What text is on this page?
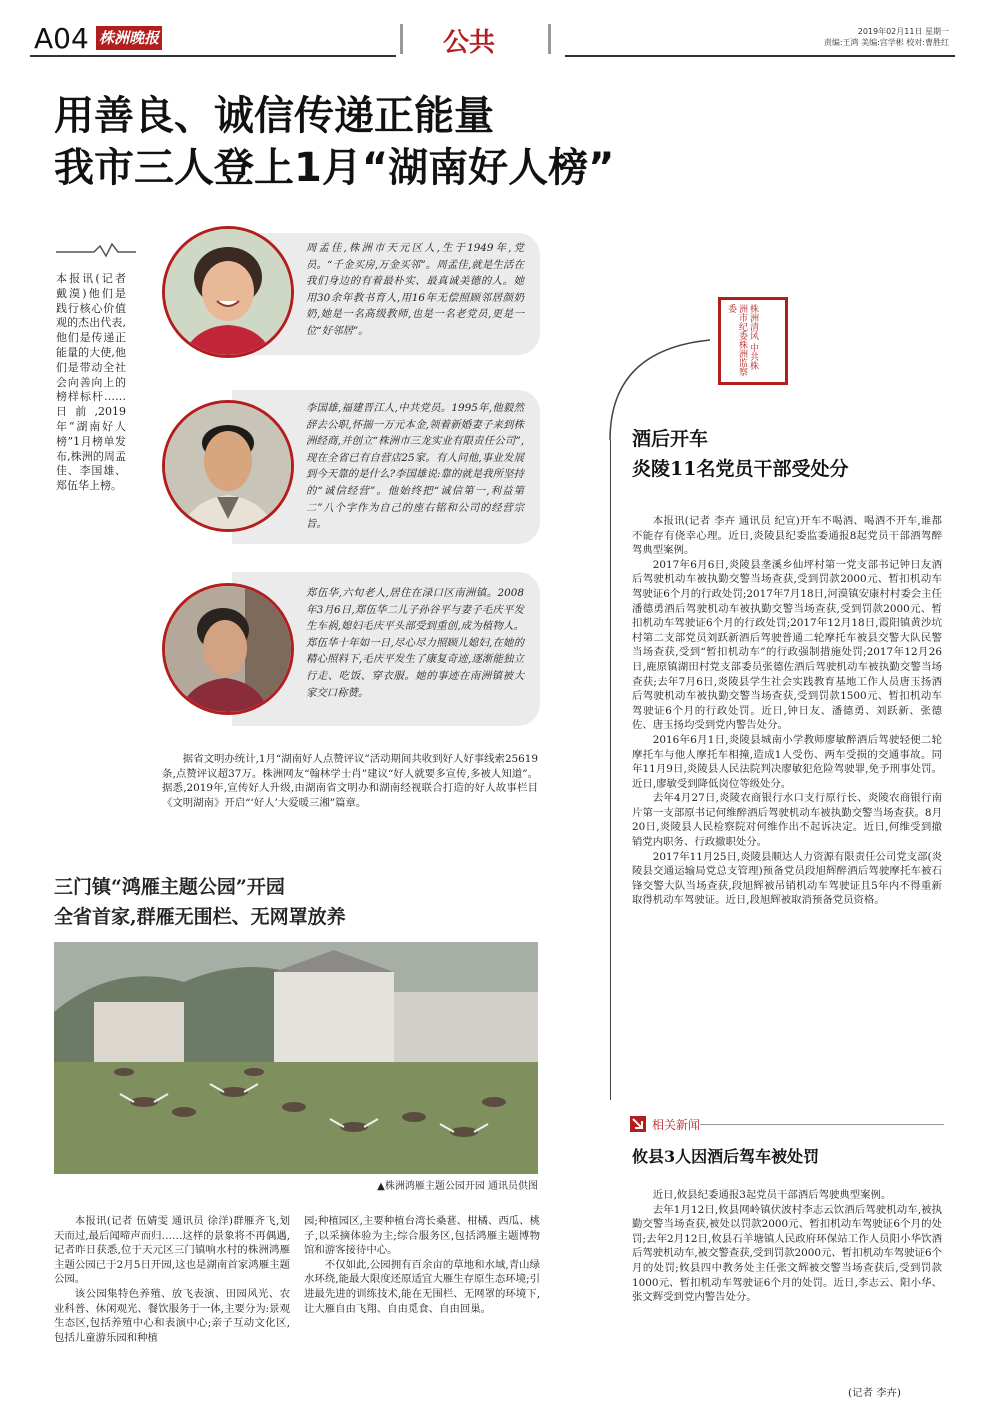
A04 株洲晚报	公共	2019年02月11日 星期一
责编:王鸿 美编:宫学彬 校对:曹胜红
用善良、诚信传递正能量
我市三人登上1月“湖南好人榜”
本报讯(记者 戴漠)他们是践行核心价值观的杰出代表,他们是传递正能量的大使,他们是带动全社会向善向上的榜样标杆……日前,2019年“湖南好人榜”1月榜单发布,株洲的周孟佳、李国雄、郑伍华上榜。
周孟佳,株洲市天元区人,生于1949年,党员。“千金买房,万金买邻”。周孟佳,就是生活在我们身边的有着最朴实、最真诚美德的人。她用30余年教书育人,用16年无偿照顾邻居颜奶奶,她是一名高级教师,也是一名老党员,更是一位“好邻居”。
李国雄,福建晋江人,中共党员。1995年,他毅然辞去公职,怀揣一万元本金,领着新婚妻子来到株洲经商,并创立“株洲市三龙实业有限责任公司”,现在全省已有自营店25家。有人问他,事业发展到今天靠的是什么?李国雄说:靠的就是我所坚持的“诚信经营”。他始终把“诚信第一,利益第二”八个字作为自己的座右铭和公司的经营宗旨。
郑伍华,六旬老人,居住在渌口区南洲镇。2008年3月6日,郑伍华二儿子孙谷平与妻子毛庆平发生车祸,媳妇毛庆平头部受到重创,成为植物人。郑伍华十年如一日,尽心尽力照顾儿媳妇,在她的精心照料下,毛庆平发生了康复奇迹,逐渐能独立行走、吃饭、穿衣服。她的事迹在南洲镇被大家交口称赞。

据省文明办统计,1月“湖南好人点赞评议”活动期间共收到好人好事线索25619条,点赞评议超37万。株洲网友“翰林学士肖”建议“好人就要多宣传,多被人知道”。据悉,2019年,宣传好人升级,由湖南省文明办和湖南经视联合打造的好人故事栏目《文明湖南》开启“‘好人’大爱暖三湘”篇章。

三门镇“鸿雁主题公园”开园
全省首家,群雁无围栏、无网罩放养
▲株洲鸿雁主题公园开园 通讯员供图

本报讯(记者 伍婧雯 通讯员 徐洋)群雁齐飞,划天而过,最后闻啼声而归……这样的景象将不再偶遇,记者昨日获悉,位于天元区三门镇响水村的株洲鸿雁主题公园已于2月5日开园,这也是湖南首家鸿雁主题公园。

该公园集特色养殖、放飞表演、田园风光、农业科普、休闲观光、餐饮服务于一体,主要分为:景观生态区,包括养殖中心和表演中心;亲子互动文化区,包括儿童游乐园和种植

园;种植园区,主要种植台湾长桑葚、柑橘、西瓜、桃子,以采摘体验为主;综合服务区,包括鸿雁主题博物馆和游客接待中心。

不仅如此,公园拥有百余亩的草地和水域,青山绿水环绕,能最大限度还原适宜大雁生存原生态环境;引进最先进的训练技术,能在无围栏、无网罩的环境下,让大雁自由飞翔、自由觅食、自由回巢。

株洲清风 中共株洲市纪委株洲监察委
酒后开车
炎陵11名党员干部受处分

本报讯(记者 李卉 通讯员 纪宣)开车不喝酒、喝酒不开车,谁都不能存有侥幸心理。近日,炎陵县纪委监委通报8起党员干部酒驾醉驾典型案例。

2017年6月6日,炎陵县垄溪乡仙坪村第一党支部书记钟日友酒后驾驶机动车被执勤交警当场查获,受到罚款2000元、暂扣机动车驾驶证6个月的行政处罚;2017年7月18日,河漠镇安康村村委会主任潘德勇酒后驾驶机动车被执勤交警当场查获,受到罚款2000元、暂扣机动车驾驶证6个月的行政处罚;2017年12月18日,霞阳镇黄沙坑村第二支部党员刘跃新酒后驾驶普通二轮摩托车被县交警大队民警当场查获,受到“暂扣机动车”的行政强制措施处罚;2017年12月26日,鹿原镇湖田村党支部委员张德佐酒后驾驶机动车被执勤交警当场查获;去年7月6日,炎陵县学生社会实践教育基地工作人员唐玉扬酒后驾驶机动车被执勤交警当场查获,受到罚款1500元、暂扣机动车驾驶证6个月的行政处罚。近日,钟日友、潘德勇、刘跃新、张德佐、唐玉扬均受到党内警告处分。

2016年6月1日,炎陵县城南小学教师廖敏醉酒后驾驶轻便二轮摩托车与他人摩托车相撞,造成1人受伤、两车受损的交通事故。同年11月9日,炎陵县人民法院判决廖敏犯危险驾驶罪,免予刑事处罚。近日,廖敏受到降低岗位等级处分。

去年4月27日,炎陵农商银行水口支行原行长、炎陵农商银行南片第一支部原书记何维醉酒后驾驶机动车被执勤交警当场查获。8月20日,炎陵县人民检察院对何维作出不起诉决定。近日,何维受到撤销党内职务、行政撤职处分。

2017年11月25日,炎陵县顺达人力资源有限责任公司党支部(炎陵县交通运输局党总支管理)预备党员段旭辉醉酒后驾驶摩托车被石锋交警大队当场查获,段旭辉被吊销机动车驾驶证且5年内不得重新取得机动车驾驶证。近日,段旭辉被取消预备党员资格。

相关新闻
攸县3人因酒后驾车被处罚

近日,攸县纪委通报3起党员干部酒后驾驶典型案例。

去年1月12日,攸县网岭镇伏波村李志云饮酒后驾驶机动车,被执勤交警当场查获,被处以罚款2000元、暂扣机动车驾驶证6个月的处罚;去年2月12日,攸县石羊塘镇人民政府环保站工作人员阳小华饮酒后驾驶机动车,被交警查获,受到罚款2000元、暂扣机动车驾驶证6个月的处罚;攸县四中教务处主任张文辉被交警当场查获后,受到罚款1000元、暂扣机动车驾驶证6个月的处罚。近日,李志云、阳小华、张文辉受到党内警告处分。

(记者 李卉)
